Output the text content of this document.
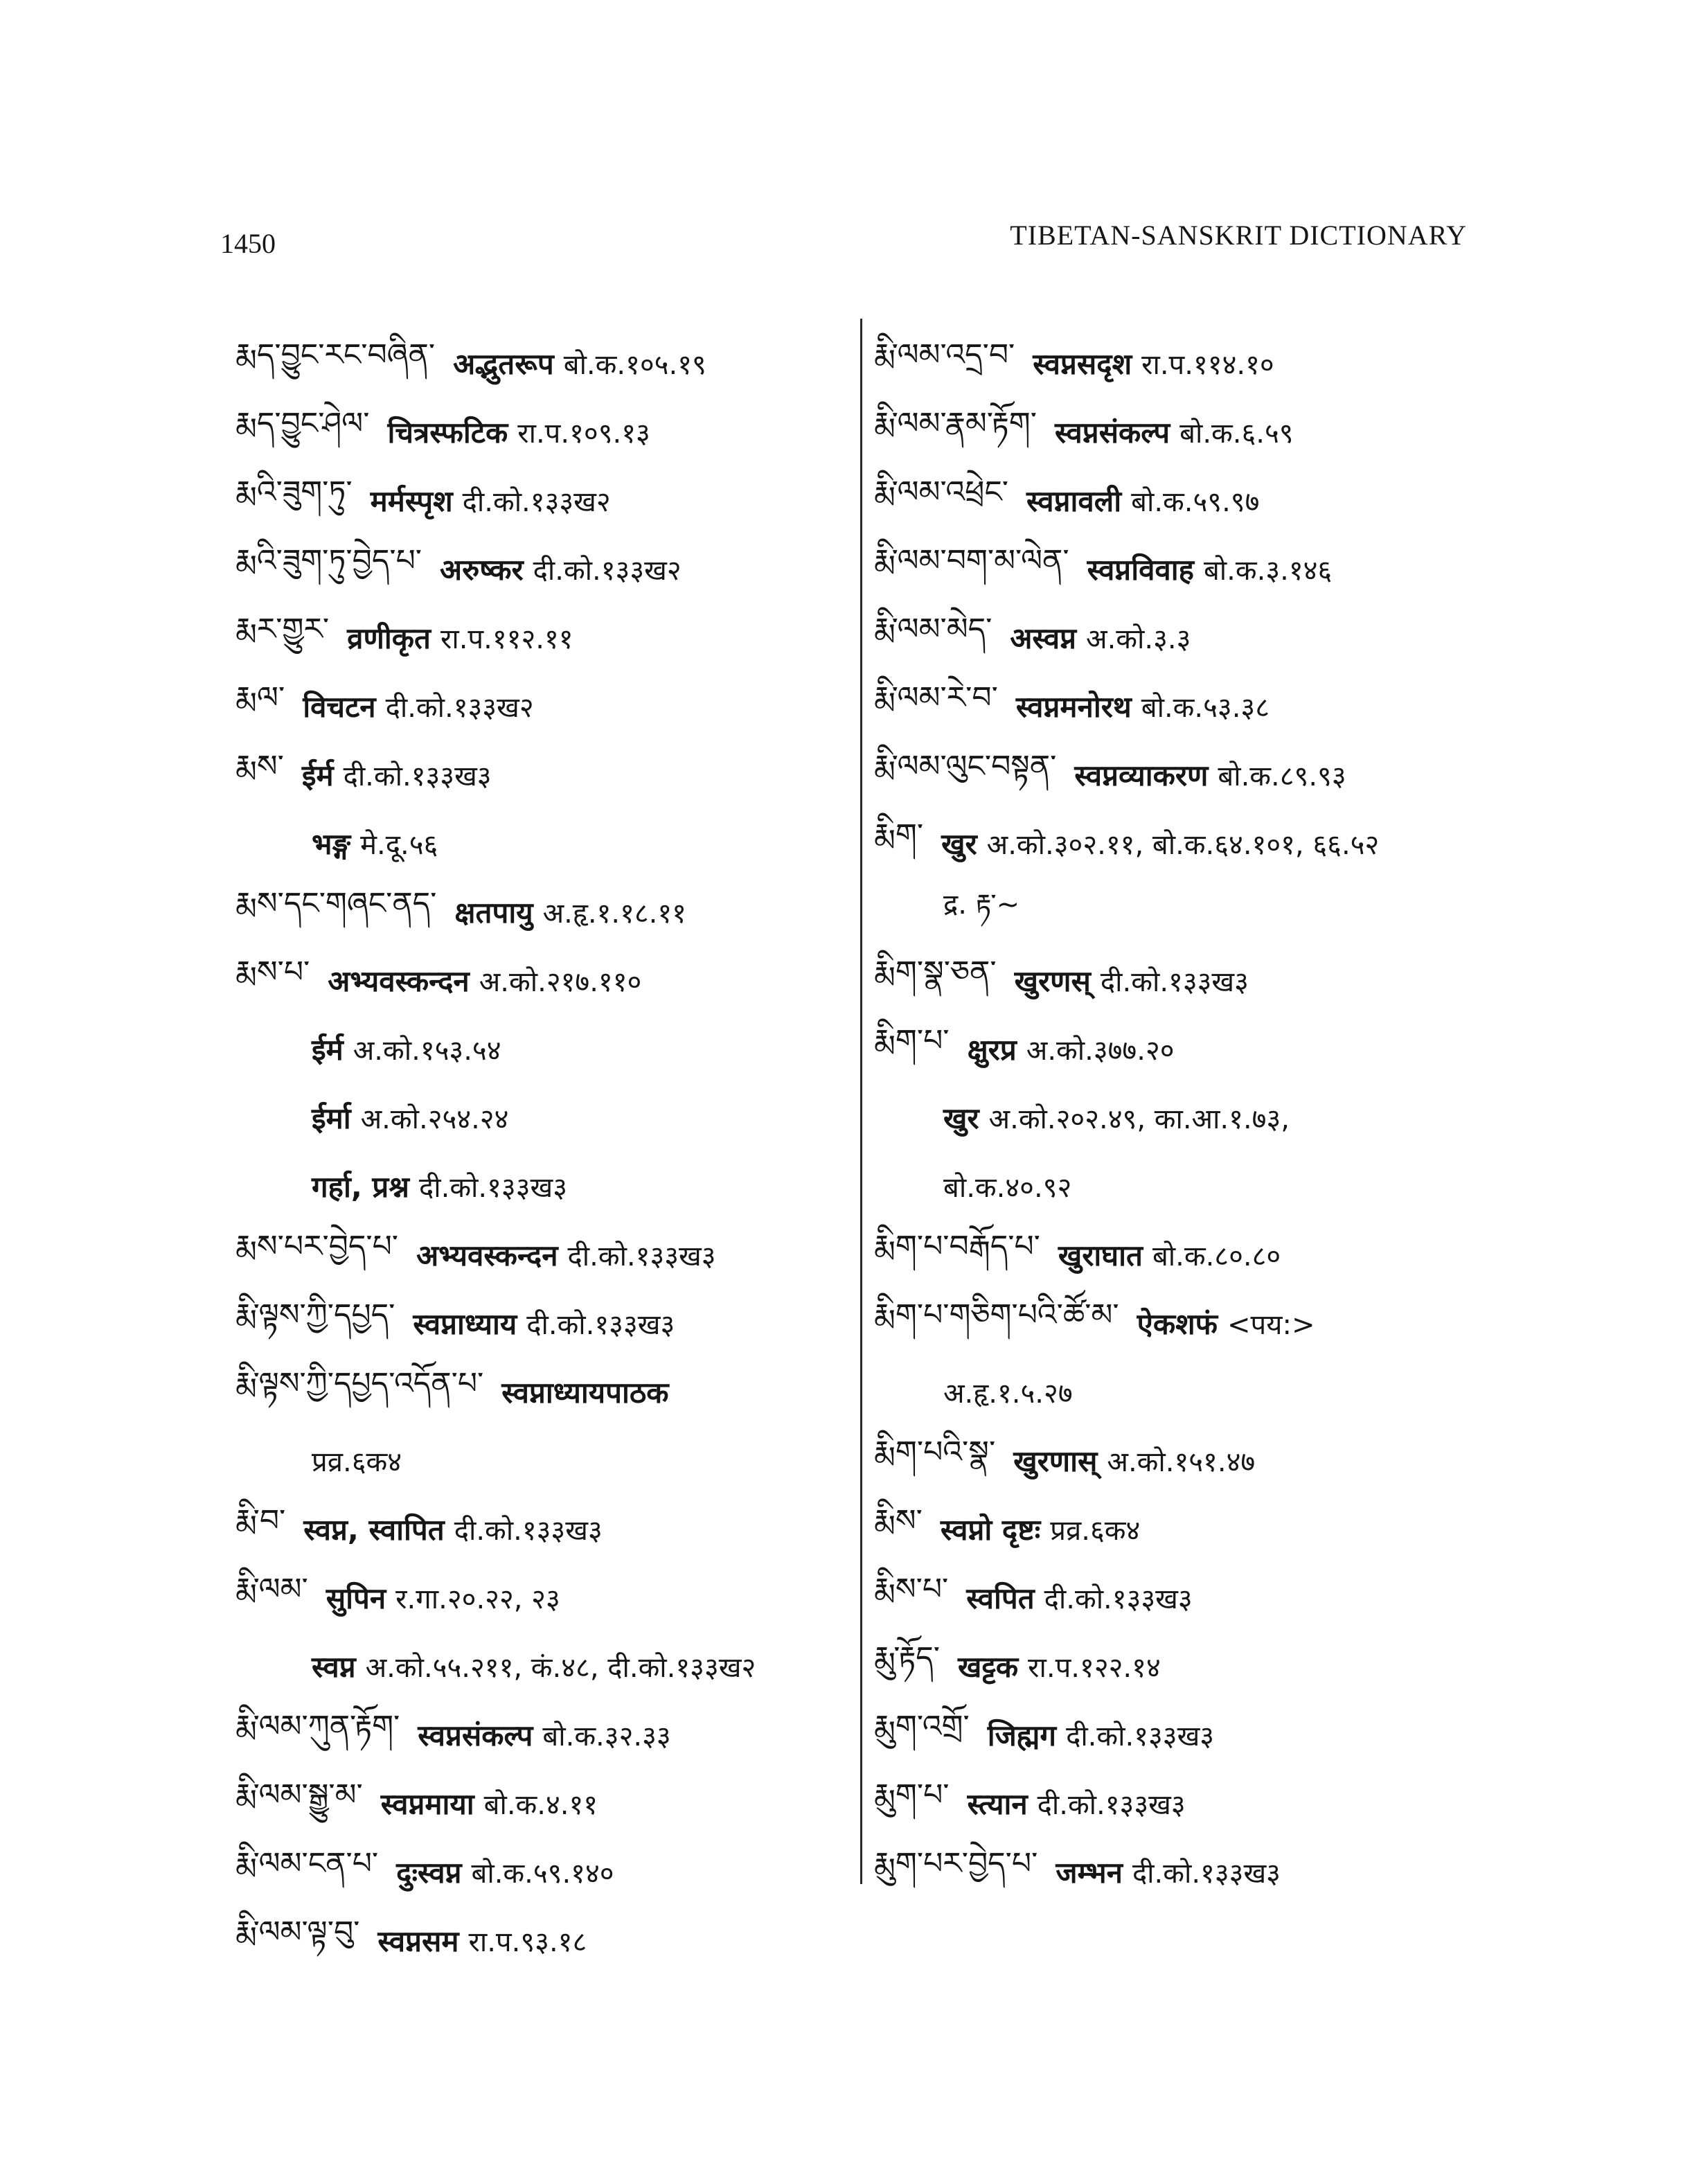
1450	TIBETAN-SANSKRIT DICTIONARY
རྨད་བྱུང་རང་བཞིན་ अद्भुतरूप बो.क.१०५.१९
རྨད་བྱུང་ཤེལ་ चित्रस्फटिक रा.प.१०९.१३
རྨའི་ཟུག་ཏུ་ मर्मस्पृश दी.को.१३३ख२
རྨའི་ཟུག་ཏུ་བྱེད་པ་ अरुष्कर दी.को.१३३ख२
རྨར་གྱུར་ व्रणीकृत रा.प.११२.११
རྨལ་ विचटन दी.को.१३३ख२
རྨས་ ईर्म दी.को.१३३ख३
भङ्ग मे.दू.५६
རྨས་དང་གཞང་ནད་ क्षतपायु अ.हृ.१.१८.११
རྨས་པ་ अभ्यवस्कन्दन अ.को.२१७.११०
ईर्म अ.को.१५३.५४
ईर्मा अ.को.२५४.२४
गर्हा, प्रश्न दी.को.१३३ख३
རྨས་པར་བྱེད་པ་ अभ्यवस्कन्दन दी.को.१३३ख३
རྨི་ལྟས་ཀྱི་དཔྱད་ स्वप्नाध्याय दी.को.१३३ख३
རྨི་ལྟས་ཀྱི་དཔྱད་འདོན་པ་ स्वप्नाध्यायपाठक
प्रव्र.६क४
རྨི་བ་ स्वप्न, स्वापित दी.को.१३३ख३
རྨི་ལམ་ सुपिन र.गा.२०.२२, २३
स्वप्न अ.को.५५.२११, कं.४८, दी.को.१३३ख२
རྨི་ལམ་ཀུན་རྟོག་ स्वप्नसंकल्प बो.क.३२.३३
རྨི་ལམ་སྒྱུ་མ་ स्वप्नमाया बो.क.४.११
རྨི་ལམ་ངན་པ་ दुःस्वप्न बो.क.५९.१४०
རྨི་ལམ་ལྟ་བུ་ स्वप्नसम रा.प.९३.१८
རྨི་ལམ་འདྲ་བ་ स्वप्नसदृश रा.प.११४.१०
རྨི་ལམ་རྣམ་རྟོག་ स्वप्नसंकल्प बो.क.६.५९
རྨི་ལམ་འཕྲེང་ स्वप्नावली बो.क.५९.९७
རྨི་ལམ་བག་མ་ལེན་ स्वप्नविवाह बो.क.३.१४६
རྨི་ལམ་མེད་ अस्वप्न अ.को.३.३
རྨི་ལམ་རེ་བ་ स्वप्नमनोरथ बो.क.५३.३८
རྨི་ལམ་ལུང་བསྟན་ स्वप्नव्याकरण बो.क.८९.९३
རྨིག་ खुर अ.को.३०२.११, बो.क.६४.१०१, ६६.५२
द्र. རྟ་~
རྨིག་སྣ་ཅན་ खुरणस् दी.को.१३३ख३
རྨིག་པ་ क्षुरप्र अ.को.३७७.२०
खुर अ.को.२०२.४९, का.आ.१.७३,
बो.क.४०.९२
རྨིག་པ་བརྒོད་པ་ खुराघात बो.क.८०.८०
རྨིག་པ་གཅིག་པའི་ཚོ་མ་ ऐकशफं <पय:>
अ.हृ.१.५.२७
རྨིག་པའི་སྣ་ खुरणास् अ.को.१५१.४७
རྨིས་ स्वप्नो दृष्टः प्रव्र.६क४
རྨིས་པ་ स्वपित दी.को.१३३ख३
རྨུ་རྟོད་ खट्टक रा.प.१२२.१४
རྨུག་འགྲོ་ जिह्मग दी.को.१३३ख३
རྨུག་པ་ स्त्यान दी.को.१३३ख३
རྨུག་པར་བྱེད་པ་ जम्भन दी.को.१३३ख३
